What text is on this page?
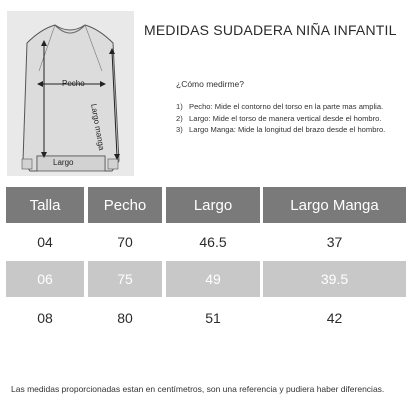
Pecho
Largo
Largo manga
MEDIDAS SUDADERA NIÑA INFANTIL
¿Cómo medirme?
1) Pecho: Mide el contorno del torso en la parte mas amplia.
2) Largo: Mide el torso de manera vertical desde el hombro.
3) Largo Manga: Mide la longitud del brazo desde el hombro.
Talla	Pecho	Largo	Largo Manga
04	70	46.5	37
06	75	49	39.5
08	80	51	42
Las medidas proporcionadas estan en centímetros, son una referencia y pudiera haber diferencias.
